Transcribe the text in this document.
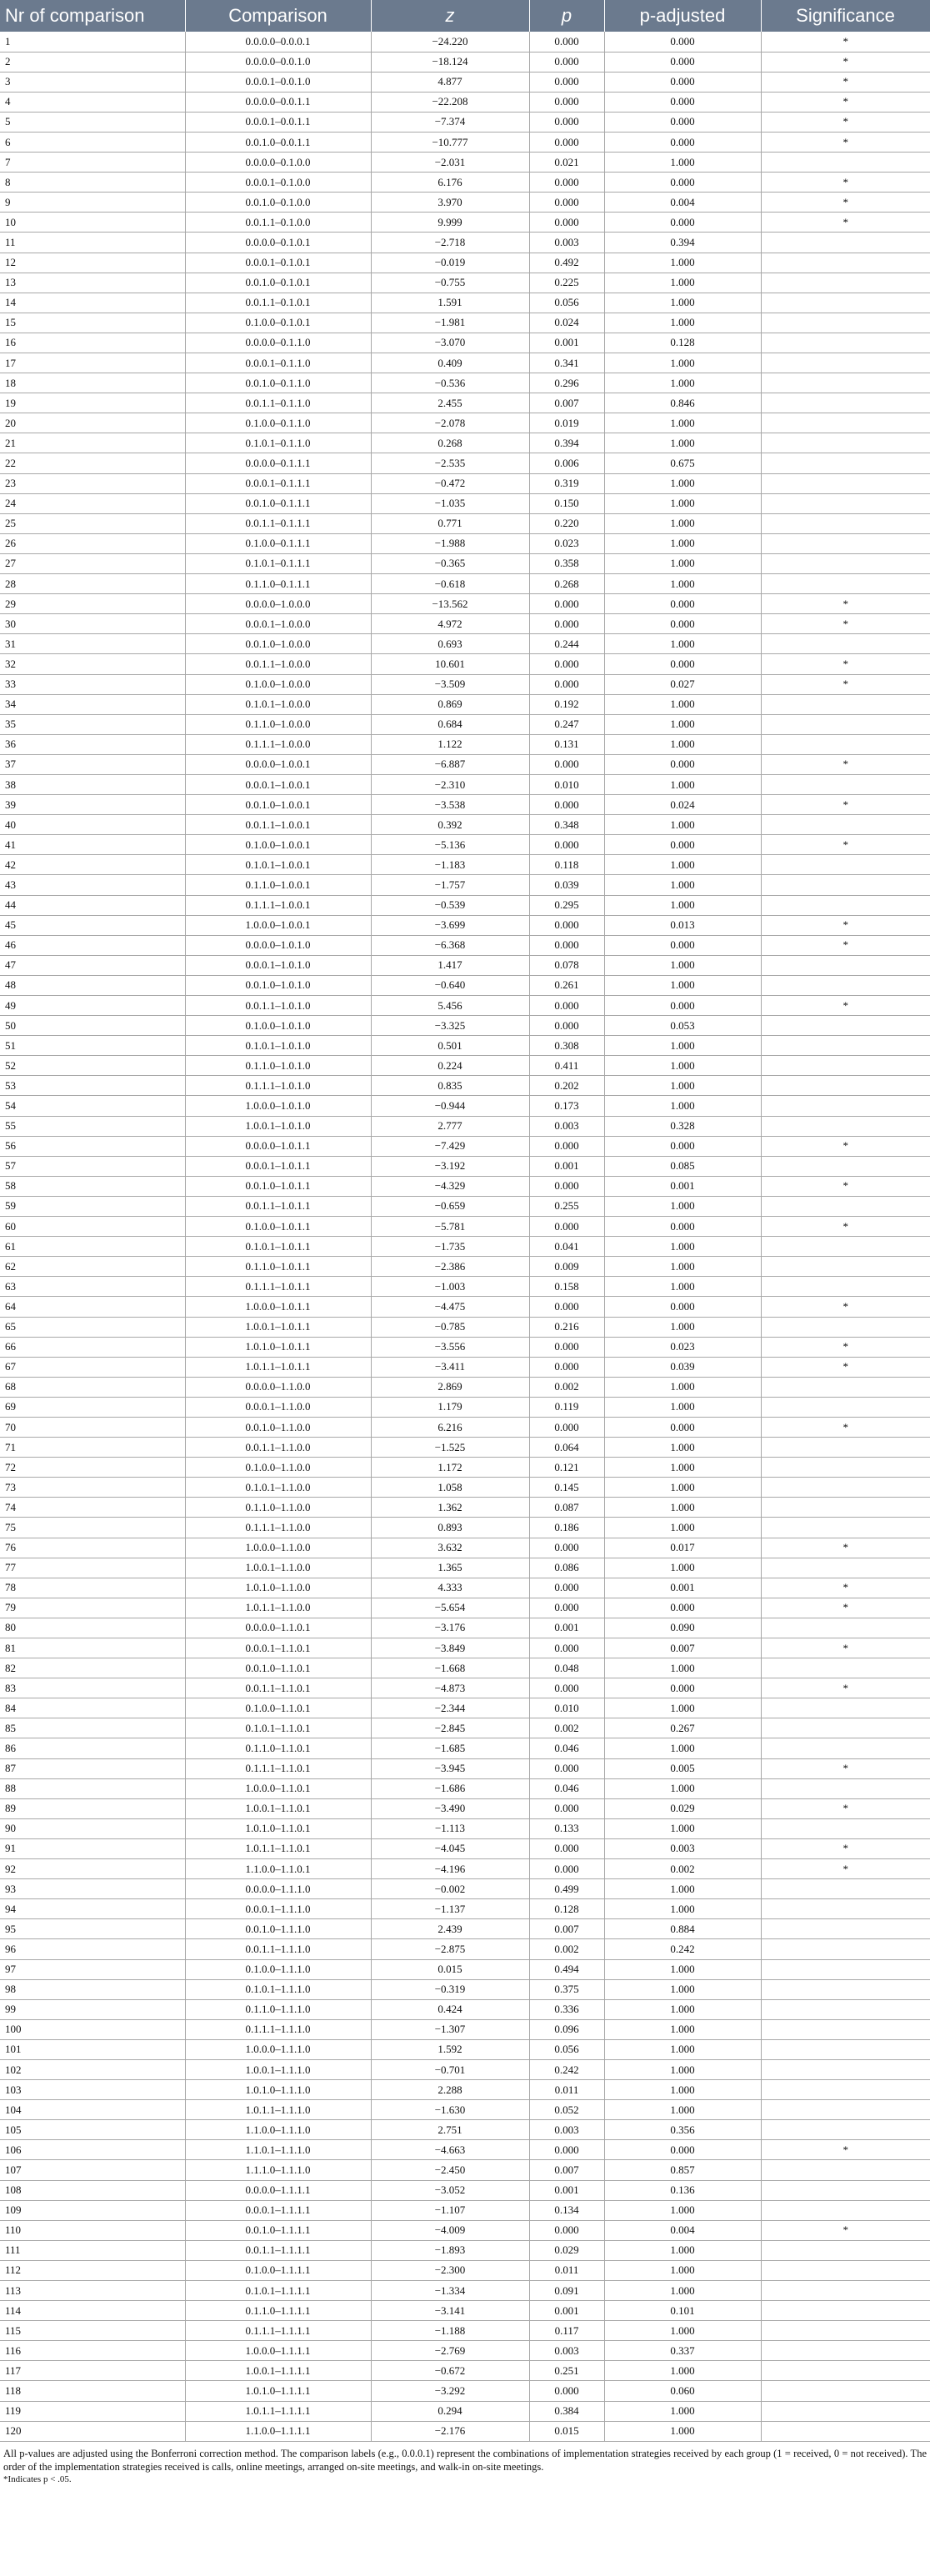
Nr of comparison	Comparison	z	p	p-adjusted	Significance
1	0.0.0.0–0.0.0.1	−24.220	0.000	0.000	*
2	0.0.0.0–0.0.1.0	−18.124	0.000	0.000	*
3	0.0.0.1–0.0.1.0	4.877	0.000	0.000	*
4	0.0.0.0–0.0.1.1	−22.208	0.000	0.000	*
5	0.0.0.1–0.0.1.1	−7.374	0.000	0.000	*
6	0.0.1.0–0.0.1.1	−10.777	0.000	0.000	*
7	0.0.0.0–0.1.0.0	−2.031	0.021	1.000	
8	0.0.0.1–0.1.0.0	6.176	0.000	0.000	*
9	0.0.1.0–0.1.0.0	3.970	0.000	0.004	*
10	0.0.1.1–0.1.0.0	9.999	0.000	0.000	*
11	0.0.0.0–0.1.0.1	−2.718	0.003	0.394	
12	0.0.0.1–0.1.0.1	−0.019	0.492	1.000	
13	0.0.1.0–0.1.0.1	−0.755	0.225	1.000	
14	0.0.1.1–0.1.0.1	1.591	0.056	1.000	
15	0.1.0.0–0.1.0.1	−1.981	0.024	1.000	
16	0.0.0.0–0.1.1.0	−3.070	0.001	0.128	
17	0.0.0.1–0.1.1.0	0.409	0.341	1.000	
18	0.0.1.0–0.1.1.0	−0.536	0.296	1.000	
19	0.0.1.1–0.1.1.0	2.455	0.007	0.846	
20	0.1.0.0–0.1.1.0	−2.078	0.019	1.000	
21	0.1.0.1–0.1.1.0	0.268	0.394	1.000	
22	0.0.0.0–0.1.1.1	−2.535	0.006	0.675	
23	0.0.0.1–0.1.1.1	−0.472	0.319	1.000	
24	0.0.1.0–0.1.1.1	−1.035	0.150	1.000	
25	0.0.1.1–0.1.1.1	0.771	0.220	1.000	
26	0.1.0.0–0.1.1.1	−1.988	0.023	1.000	
27	0.1.0.1–0.1.1.1	−0.365	0.358	1.000	
28	0.1.1.0–0.1.1.1	−0.618	0.268	1.000	
29	0.0.0.0–1.0.0.0	−13.562	0.000	0.000	*
30	0.0.0.1–1.0.0.0	4.972	0.000	0.000	*
31	0.0.1.0–1.0.0.0	0.693	0.244	1.000	
32	0.0.1.1–1.0.0.0	10.601	0.000	0.000	*
33	0.1.0.0–1.0.0.0	−3.509	0.000	0.027	*
34	0.1.0.1–1.0.0.0	0.869	0.192	1.000	
35	0.1.1.0–1.0.0.0	0.684	0.247	1.000	
36	0.1.1.1–1.0.0.0	1.122	0.131	1.000	
37	0.0.0.0–1.0.0.1	−6.887	0.000	0.000	*
38	0.0.0.1–1.0.0.1	−2.310	0.010	1.000	
39	0.0.1.0–1.0.0.1	−3.538	0.000	0.024	*
40	0.0.1.1–1.0.0.1	0.392	0.348	1.000	
41	0.1.0.0–1.0.0.1	−5.136	0.000	0.000	*
42	0.1.0.1–1.0.0.1	−1.183	0.118	1.000	
43	0.1.1.0–1.0.0.1	−1.757	0.039	1.000	
44	0.1.1.1–1.0.0.1	−0.539	0.295	1.000	
45	1.0.0.0–1.0.0.1	−3.699	0.000	0.013	*
46	0.0.0.0–1.0.1.0	−6.368	0.000	0.000	*
47	0.0.0.1–1.0.1.0	1.417	0.078	1.000	
48	0.0.1.0–1.0.1.0	−0.640	0.261	1.000	
49	0.0.1.1–1.0.1.0	5.456	0.000	0.000	*
50	0.1.0.0–1.0.1.0	−3.325	0.000	0.053	
51	0.1.0.1–1.0.1.0	0.501	0.308	1.000	
52	0.1.1.0–1.0.1.0	0.224	0.411	1.000	
53	0.1.1.1–1.0.1.0	0.835	0.202	1.000	
54	1.0.0.0–1.0.1.0	−0.944	0.173	1.000	
55	1.0.0.1–1.0.1.0	2.777	0.003	0.328	
56	0.0.0.0–1.0.1.1	−7.429	0.000	0.000	*
57	0.0.0.1–1.0.1.1	−3.192	0.001	0.085	
58	0.0.1.0–1.0.1.1	−4.329	0.000	0.001	*
59	0.0.1.1–1.0.1.1	−0.659	0.255	1.000	
60	0.1.0.0–1.0.1.1	−5.781	0.000	0.000	*
61	0.1.0.1–1.0.1.1	−1.735	0.041	1.000	
62	0.1.1.0–1.0.1.1	−2.386	0.009	1.000	
63	0.1.1.1–1.0.1.1	−1.003	0.158	1.000	
64	1.0.0.0–1.0.1.1	−4.475	0.000	0.000	*
65	1.0.0.1–1.0.1.1	−0.785	0.216	1.000	
66	1.0.1.0–1.0.1.1	−3.556	0.000	0.023	*
67	1.0.1.1–1.0.1.1	−3.411	0.000	0.039	*
68	0.0.0.0–1.1.0.0	2.869	0.002	1.000	
69	0.0.0.1–1.1.0.0	1.179	0.119	1.000	
70	0.0.1.0–1.1.0.0	6.216	0.000	0.000	*
71	0.0.1.1–1.1.0.0	−1.525	0.064	1.000	
72	0.1.0.0–1.1.0.0	1.172	0.121	1.000	
73	0.1.0.1–1.1.0.0	1.058	0.145	1.000	
74	0.1.1.0–1.1.0.0	1.362	0.087	1.000	
75	0.1.1.1–1.1.0.0	0.893	0.186	1.000	
76	1.0.0.0–1.1.0.0	3.632	0.000	0.017	*
77	1.0.0.1–1.1.0.0	1.365	0.086	1.000	
78	1.0.1.0–1.1.0.0	4.333	0.000	0.001	*
79	1.0.1.1–1.1.0.0	−5.654	0.000	0.000	*
80	0.0.0.0–1.1.0.1	−3.176	0.001	0.090	
81	0.0.0.1–1.1.0.1	−3.849	0.000	0.007	*
82	0.0.1.0–1.1.0.1	−1.668	0.048	1.000	
83	0.0.1.1–1.1.0.1	−4.873	0.000	0.000	*
84	0.1.0.0–1.1.0.1	−2.344	0.010	1.000	
85	0.1.0.1–1.1.0.1	−2.845	0.002	0.267	
86	0.1.1.0–1.1.0.1	−1.685	0.046	1.000	
87	0.1.1.1–1.1.0.1	−3.945	0.000	0.005	*
88	1.0.0.0–1.1.0.1	−1.686	0.046	1.000	
89	1.0.0.1–1.1.0.1	−3.490	0.000	0.029	*
90	1.0.1.0–1.1.0.1	−1.113	0.133	1.000	
91	1.0.1.1–1.1.0.1	−4.045	0.000	0.003	*
92	1.1.0.0–1.1.0.1	−4.196	0.000	0.002	*
93	0.0.0.0–1.1.1.0	−0.002	0.499	1.000	
94	0.0.0.1–1.1.1.0	−1.137	0.128	1.000	
95	0.0.1.0–1.1.1.0	2.439	0.007	0.884	
96	0.0.1.1–1.1.1.0	−2.875	0.002	0.242	
97	0.1.0.0–1.1.1.0	0.015	0.494	1.000	
98	0.1.0.1–1.1.1.0	−0.319	0.375	1.000	
99	0.1.1.0–1.1.1.0	0.424	0.336	1.000	
100	0.1.1.1–1.1.1.0	−1.307	0.096	1.000	
101	1.0.0.0–1.1.1.0	1.592	0.056	1.000	
102	1.0.0.1–1.1.1.0	−0.701	0.242	1.000	
103	1.0.1.0–1.1.1.0	2.288	0.011	1.000	
104	1.0.1.1–1.1.1.0	−1.630	0.052	1.000	
105	1.1.0.0–1.1.1.0	2.751	0.003	0.356	
106	1.1.0.1–1.1.1.0	−4.663	0.000	0.000	*
107	1.1.1.0–1.1.1.0	−2.450	0.007	0.857	
108	0.0.0.0–1.1.1.1	−3.052	0.001	0.136	
109	0.0.0.1–1.1.1.1	−1.107	0.134	1.000	
110	0.0.1.0–1.1.1.1	−4.009	0.000	0.004	*
111	0.0.1.1–1.1.1.1	−1.893	0.029	1.000	
112	0.1.0.0–1.1.1.1	−2.300	0.011	1.000	
113	0.1.0.1–1.1.1.1	−1.334	0.091	1.000	
114	0.1.1.0–1.1.1.1	−3.141	0.001	0.101	
115	0.1.1.1–1.1.1.1	−1.188	0.117	1.000	
116	1.0.0.0–1.1.1.1	−2.769	0.003	0.337	
117	1.0.0.1–1.1.1.1	−0.672	0.251	1.000	
118	1.0.1.0–1.1.1.1	−3.292	0.000	0.060	
119	1.0.1.1–1.1.1.1	0.294	0.384	1.000	
120	1.1.0.0–1.1.1.1	−2.176	0.015	1.000	
All p-values are adjusted using the Bonferroni correction method. The comparison labels (e.g., 0.0.0.1) represent the combinations of implementation strategies received by each group (1 = received, 0 = not received). The order of the implementation strategies received is calls, online meetings, arranged on-site meetings, and walk-in on-site meetings.
*Indicates p < .05.
